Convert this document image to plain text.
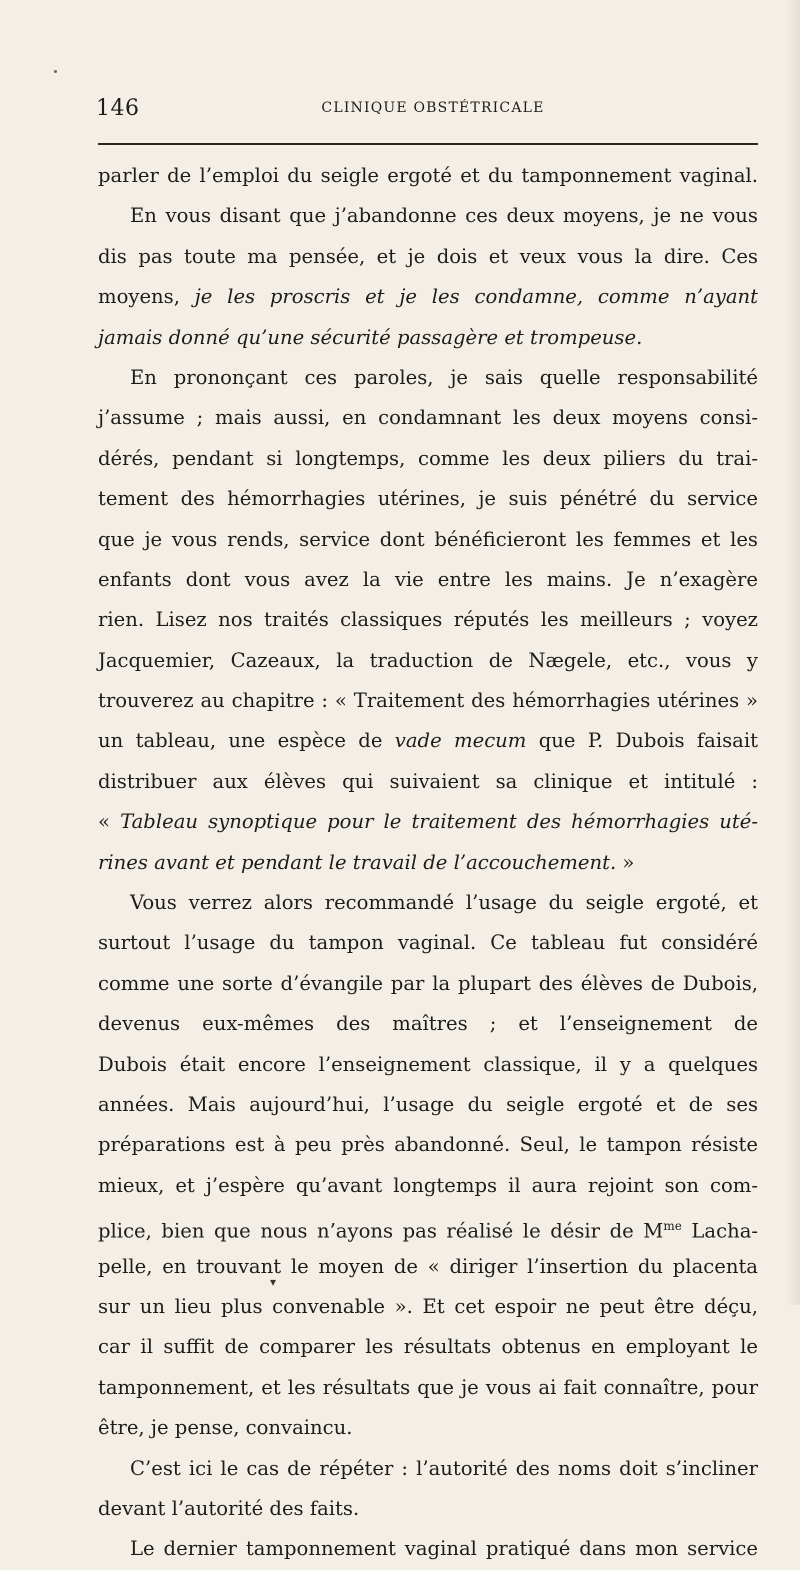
146	CLINIQUE OBSTÉTRICALE
parler de l’emploi du seigle ergoté et du tamponnement vaginal.
En vous disant que j’abandonne ces deux moyens, je ne vous
dis pas toute ma pensée, et je dois et veux vous la dire. Ces
moyens, je les proscris et je les condamne, comme n’ayant
jamais donné qu’une sécurité passagère et trompeuse.
En prononçant ces paroles, je sais quelle responsabilité
j’assume ; mais aussi, en condamnant les deux moyens consi-
dérés, pendant si longtemps, comme les deux piliers du trai-
tement des hémorrhagies utérines, je suis pénétré du service
que je vous rends, service dont bénéficieront les femmes et les
enfants dont vous avez la vie entre les mains. Je n’exagère
rien. Lisez nos traités classiques réputés les meilleurs ; voyez
Jacquemier, Cazeaux, la traduction de Nægele, etc., vous y
trouverez au chapitre : « Traitement des hémorrhagies utérines »
un tableau, une espèce de vade mecum que P. Dubois faisait
distribuer aux élèves qui suivaient sa clinique et intitulé :
« Tableau synoptique pour le traitement des hémorrhagies uté-
rines avant et pendant le travail de l’accouchement. »
Vous verrez alors recommandé l’usage du seigle ergoté, et
surtout l’usage du tampon vaginal. Ce tableau fut considéré
comme une sorte d’évangile par la plupart des élèves de Dubois,
devenus eux-mêmes des maîtres ; et l’enseignement de
Dubois était encore l’enseignement classique, il y a quelques
années. Mais aujourd’hui, l’usage du seigle ergoté et de ses
préparations est à peu près abandonné. Seul, le tampon résiste
mieux, et j’espère qu’avant longtemps il aura rejoint son com-
plice, bien que nous n’ayons pas réalisé le désir de $M^{me}$ Lacha-
pelle, en trouvant le moyen de « diriger l’insertion du placenta
sur un lieu plus convenable ». Et cet espoir ne peut être déçu,
car il suffit de comparer les résultats obtenus en employant le
tamponnement, et les résultats que je vous ai fait connaître, pour
être, je pense, convaincu.
C’est ici le cas de répéter : l’autorité des noms doit s’incliner
devant l’autorité des faits.
Le dernier tamponnement vaginal pratiqué dans mon service
▾
